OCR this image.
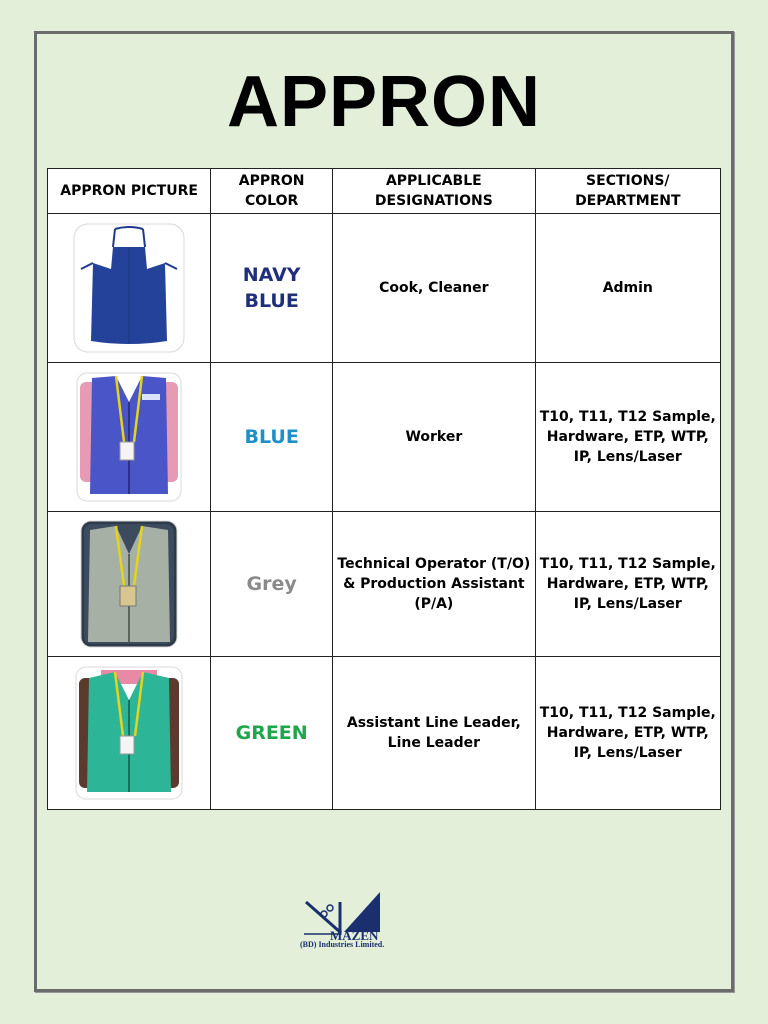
APPRON
APPRON PICTURE	APPRON COLOR	APPLICABLE DESIGNATIONS	SECTIONS/ DEPARTMENT

	NAVY BLUE	Cook, Cleaner	Admin

	BLUE	Worker	T10, T11, T12 Sample, Hardware, ETP, WTP, IP, Lens/Laser

	Grey	Technical Operator (T/O) & Production Assistant (P/A)	T10, T11, T12 Sample, Hardware, ETP, WTP, IP, Lens/Laser

	GREEN	Assistant Line Leader, Line Leader	T10, T11, T12 Sample, Hardware, ETP, WTP, IP, Lens/Laser
MAZEN
(BD) Industries Limited.
